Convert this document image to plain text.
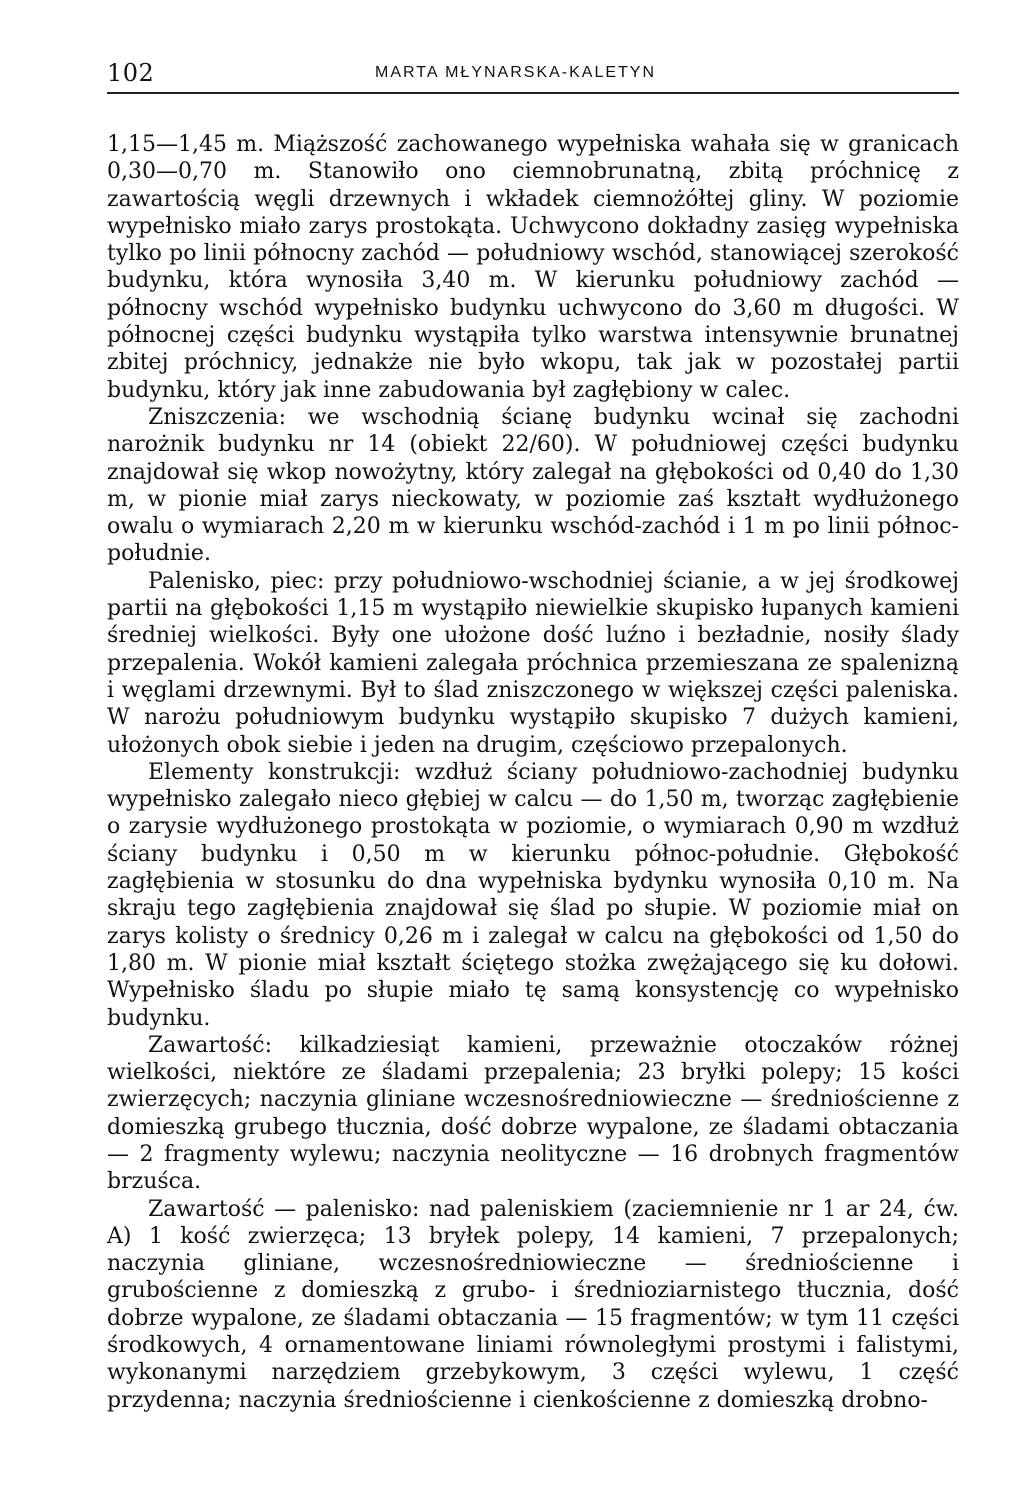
102	MARTA MŁYNARSKA-KALETYN

1,15—1,45 m. Miąższość zachowanego wypełniska wahała się w granicach 0,30—0,70 m. Stanowiło ono ciemnobrunatną, zbitą próchnicę z zawartością węgli drzewnych i wkładek ciemnożółtej gliny. W poziomie wypełnisko miało zarys prostokąta. Uchwycono dokładny zasięg wypełniska tylko po linii północny zachód — południowy wschód, stanowiącej szerokość budynku, która wynosiła 3,40 m. W kierunku południowy zachód — północny wschód wypełnisko budynku uchwycono do 3,60 m długości. W północnej części budynku wystąpiła tylko warstwa intensywnie brunatnej zbitej próchnicy, jednakże nie było wkopu, tak jak w pozostałej partii budynku, który jak inne zabudowania był zagłębiony w calec.

Zniszczenia: we wschodnią ścianę budynku wcinał się zachodni narożnik budynku nr 14 (obiekt 22/60). W południowej części budynku znajdował się wkop nowożytny, który zalegał na głębokości od 0,40 do 1,30 m, w pionie miał zarys nieckowaty, w poziomie zaś kształt wydłużonego owalu o wymiarach 2,20 m w kierunku wschód-zachód i 1 m po linii północ-południe.

Palenisko, piec: przy południowo-wschodniej ścianie, a w jej środkowej partii na głębokości 1,15 m wystąpiło niewielkie skupisko łupanych kamieni średniej wielkości. Były one ułożone dość luźno i bezładnie, nosiły ślady przepalenia. Wokół kamieni zalegała próchnica przemieszana ze spalenizną i węglami drzewnymi. Był to ślad zniszczonego w większej części paleniska. W narożu południowym budynku wystąpiło skupisko 7 dużych kamieni, ułożonych obok siebie i jeden na drugim, częściowo przepalonych.

Elementy konstrukcji: wzdłuż ściany południowo-zachodniej budynku wypełnisko zalegało nieco głębiej w calcu — do 1,50 m, tworząc zagłębienie o zarysie wydłużonego prostokąta w poziomie, o wymiarach 0,90 m wzdłuż ściany budynku i 0,50 m w kierunku północ-południe. Głębokość zagłębienia w stosunku do dna wypełniska bydynku wynosiła 0,10 m. Na skraju tego zagłębienia znajdował się ślad po słupie. W poziomie miał on zarys kolisty o średnicy 0,26 m i zalegał w calcu na głębokości od 1,50 do 1,80 m. W pionie miał kształt ściętego stożka zwężającego się ku dołowi. Wypełnisko śladu po słupie miało tę samą konsystencję co wypełnisko budynku.

Zawartość: kilkadziesiąt kamieni, przeważnie otoczaków różnej wielkości, niektóre ze śladami przepalenia; 23 bryłki polepy; 15 kości zwierzęcych; naczynia gliniane wczesnośredniowieczne — średniościenne z domieszką grubego tłucznia, dość dobrze wypalone, ze śladami obtaczania — 2 fragmenty wylewu; naczynia neolityczne — 16 drobnych fragmentów brzuśca.

Zawartość — palenisko: nad paleniskiem (zaciemnienie nr 1 ar 24, ćw. A) 1 kość zwierzęca; 13 bryłek polepy, 14 kamieni, 7 przepalonych; naczynia gliniane, wczesnośredniowieczne — średniościenne i grubościenne z domieszką z grubo- i średnioziarnistego tłucznia, dość dobrze wypalone, ze śladami obtaczania — 15 fragmentów; w tym 11 części środkowych, 4 ornamentowane liniami równoległymi prostymi i falistymi, wykonanymi narzędziem grzebykowym, 3 części wylewu, 1 część przydenna; naczynia średniościenne i cienkościenne z domieszką drobno-
